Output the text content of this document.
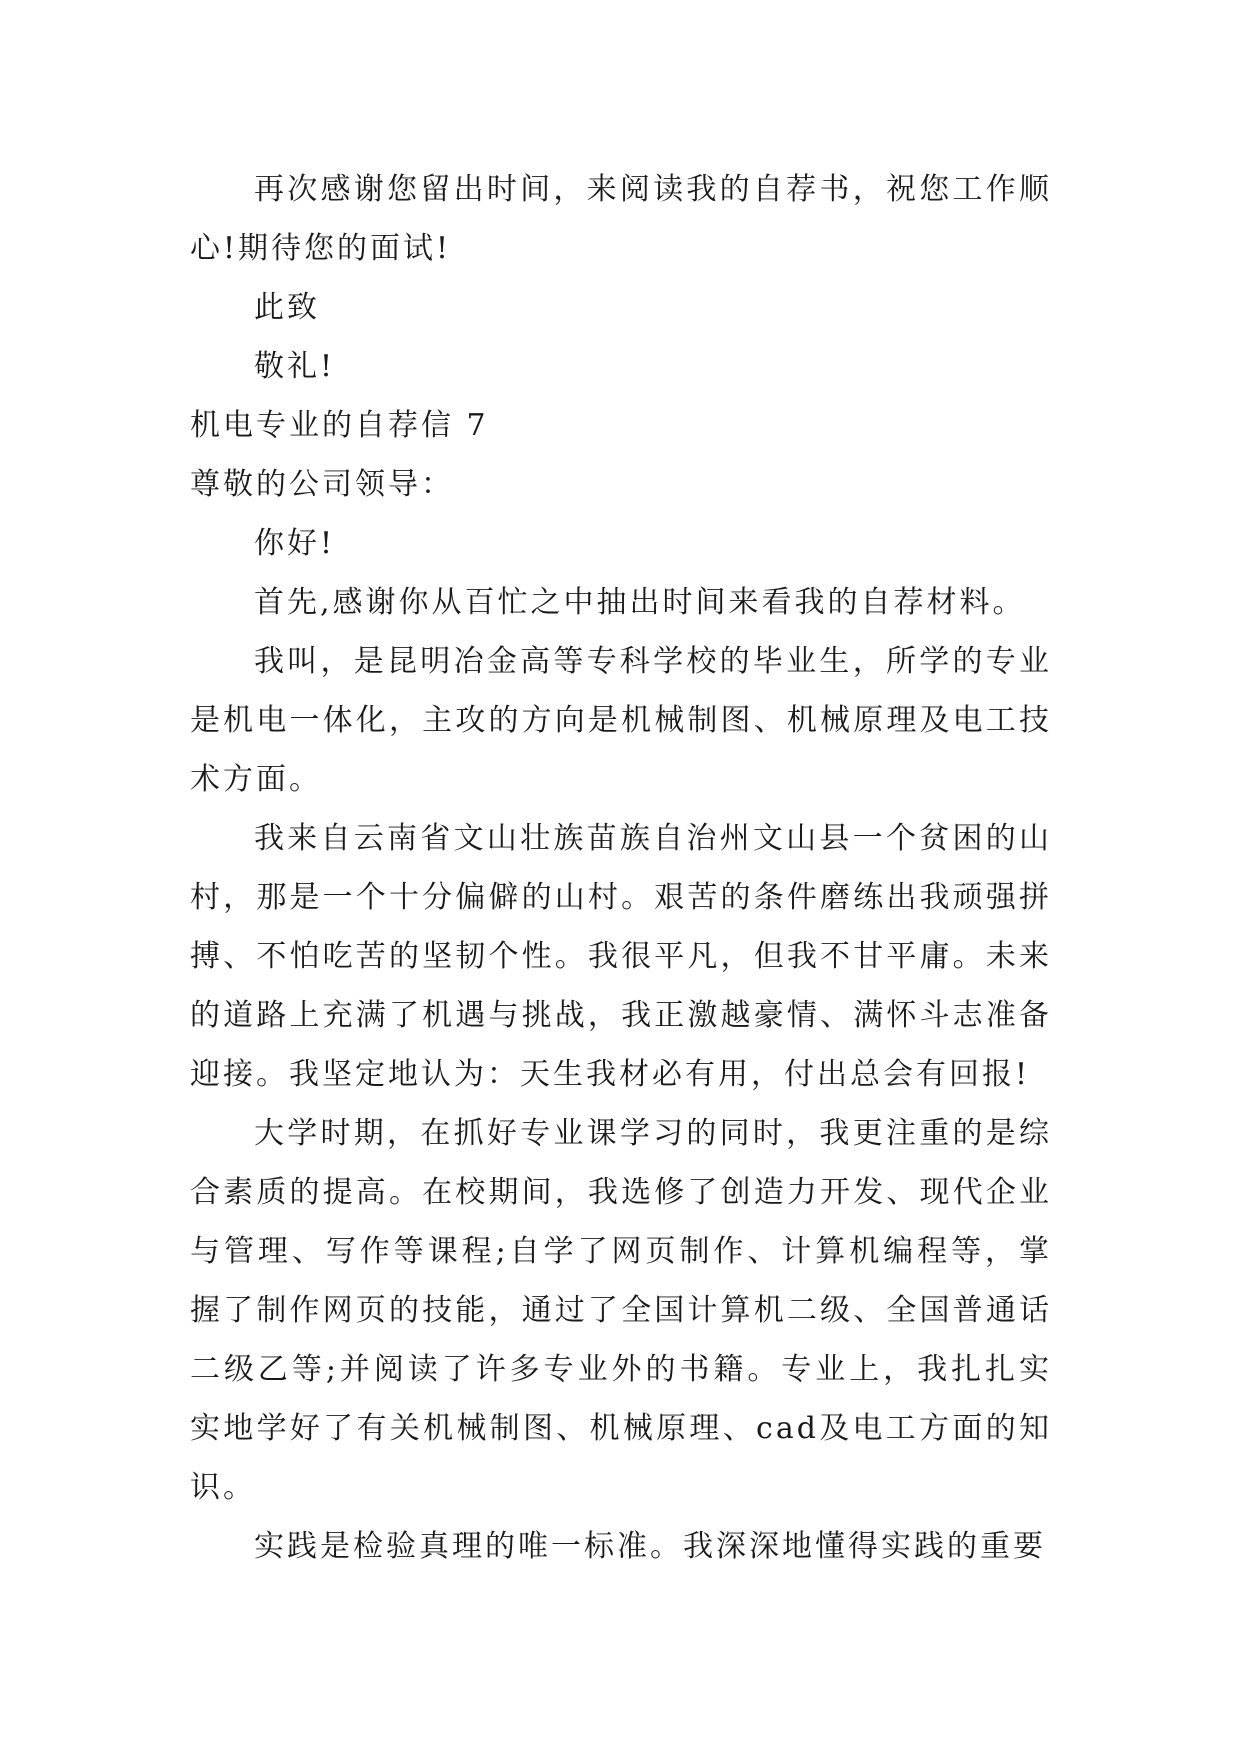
再次感谢您留出时间，来阅读我的自荐书，祝您工作顺心!期待您的面试!

此致

敬礼!

机电专业的自荐信 7

尊敬的公司领导：

你好!

首先,感谢你从百忙之中抽出时间来看我的自荐材料。

我叫，是昆明冶金高等专科学校的毕业生，所学的专业是机电一体化，主攻的方向是机械制图、机械原理及电工技术方面。

我来自云南省文山壮族苗族自治州文山县一个贫困的山村，那是一个十分偏僻的山村。艰苦的条件磨练出我顽强拼搏、不怕吃苦的坚韧个性。我很平凡，但我不甘平庸。未来的道路上充满了机遇与挑战，我正激越豪情、满怀斗志准备迎接。我坚定地认为：天生我材必有用，付出总会有回报!

大学时期，在抓好专业课学习的同时，我更注重的是综合素质的提高。在校期间，我选修了创造力开发、现代企业与管理、写作等课程;自学了网页制作、计算机编程等，掌握了制作网页的技能，通过了全国计算机二级、全国普通话二级乙等;并阅读了许多专业外的书籍。专业上，我扎扎实实地学好了有关机械制图、机械原理、cad及电工方面的知识。

实践是检验真理的唯一标准。我深深地懂得实践的重要
